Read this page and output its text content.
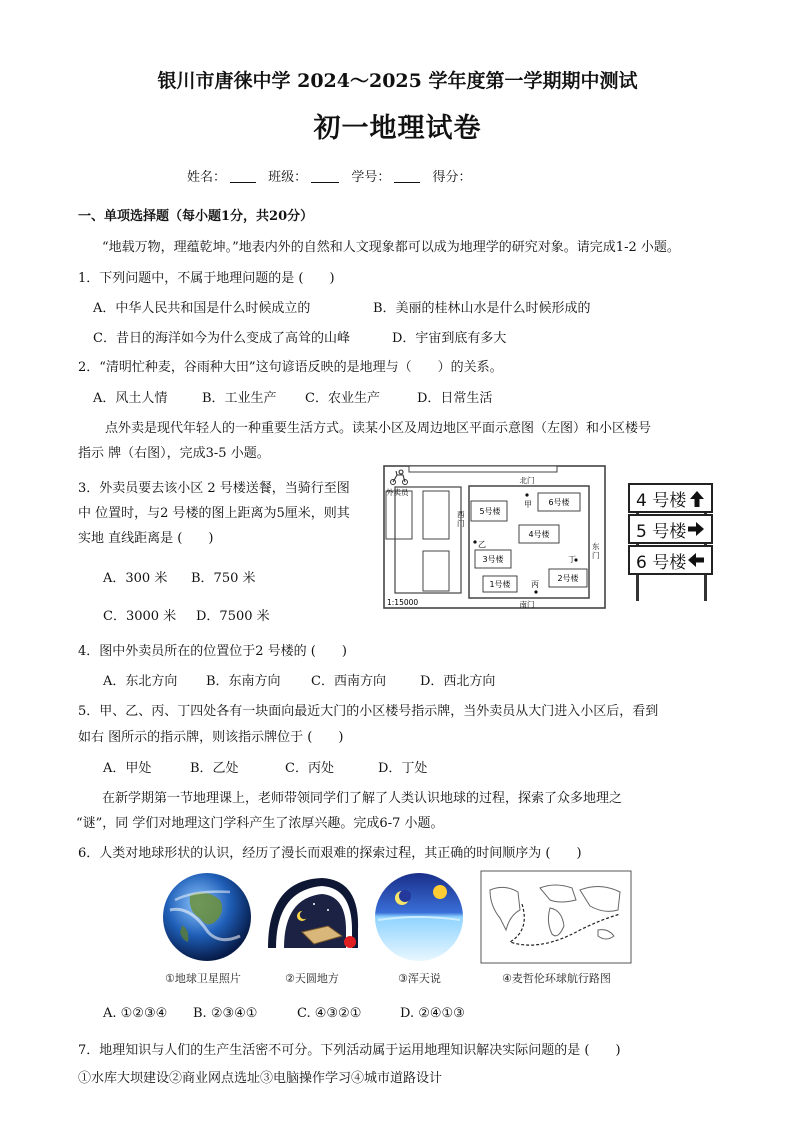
银川市唐徕中学 2024～2025 学年度第一学期期中测试
初一地理试卷
姓名：	班级：	学号：	得分：
一、单项选择题（每小题1分，共20分）
“地载万物，理蕴乾坤。”地表内外的自然和人文现象都可以成为地理学的研究对象。请完成1-2 小题。
1．下列问题中，不属于地理问题的是 (　　)
A．中华人民共和国是什么时候成立的	B．美丽的桂林山水是什么时候形成的
C．昔日的海洋如今为什么变成了高耸的山峰	D．宇宙到底有多大
2．“清明忙种麦，谷雨种大田”这句谚语反映的是地理与（　　）的关系。
A．风土人情	B．工业生产 C．农业生产	D．日常生活
点外卖是现代年轻人的一种重要生活方式。读某小区及周边地区平面示意图（左图）和小区楼号
指示 牌（右图），完成3-5 小题。
3．外卖员要去该小区 2 号楼送餐，当骑行至图
中 位置时，与2 号楼的图上距离为5厘米，则其
实地 直线距离是 (　　)
A．300 米 B．750 米
C．3000 米 D．7500 米
5号楼
6号楼
4号楼
3号楼
1号楼
2号楼
北门
南门
西门
东门
甲
乙
丙
丁
外卖员
1:15000
4 号楼
5 号楼
6 号楼
4．图中外卖员所在的位置位于2 号楼的 (　　)
A．东北方向 B．东南方向 C．西南方向	D．西北方向
5．甲、乙、丙、丁四处各有一块面向最近大门的小区楼号指示牌，当外卖员从大门进入小区后，看到
如右 图所示的指示牌，则该指示牌位于 (　　)
A．甲处	B．乙处	C．丙处	D．丁处
在新学期第一节地理课上，老师带领同学们了解了人类认识地球的过程，探索了众多地理之
“谜”，同 学们对地理这门学科产生了浓厚兴趣。完成6-7 小题。
6．人类对地球形状的认识，经历了漫长而艰难的探索过程，其正确的时间顺序为 (　　)
①地球卫星照片	②天圆地方	③浑天说	④麦哲伦环球航行路图
A. ①②③④ B. ②③④①	C. ④③②①	D. ②④①③
7．地理知识与人们的生产生活密不可分。下列活动属于运用地理知识解决实际问题的是 (　　)
①水库大坝建设②商业网点选址③电脑操作学习④城市道路设计
